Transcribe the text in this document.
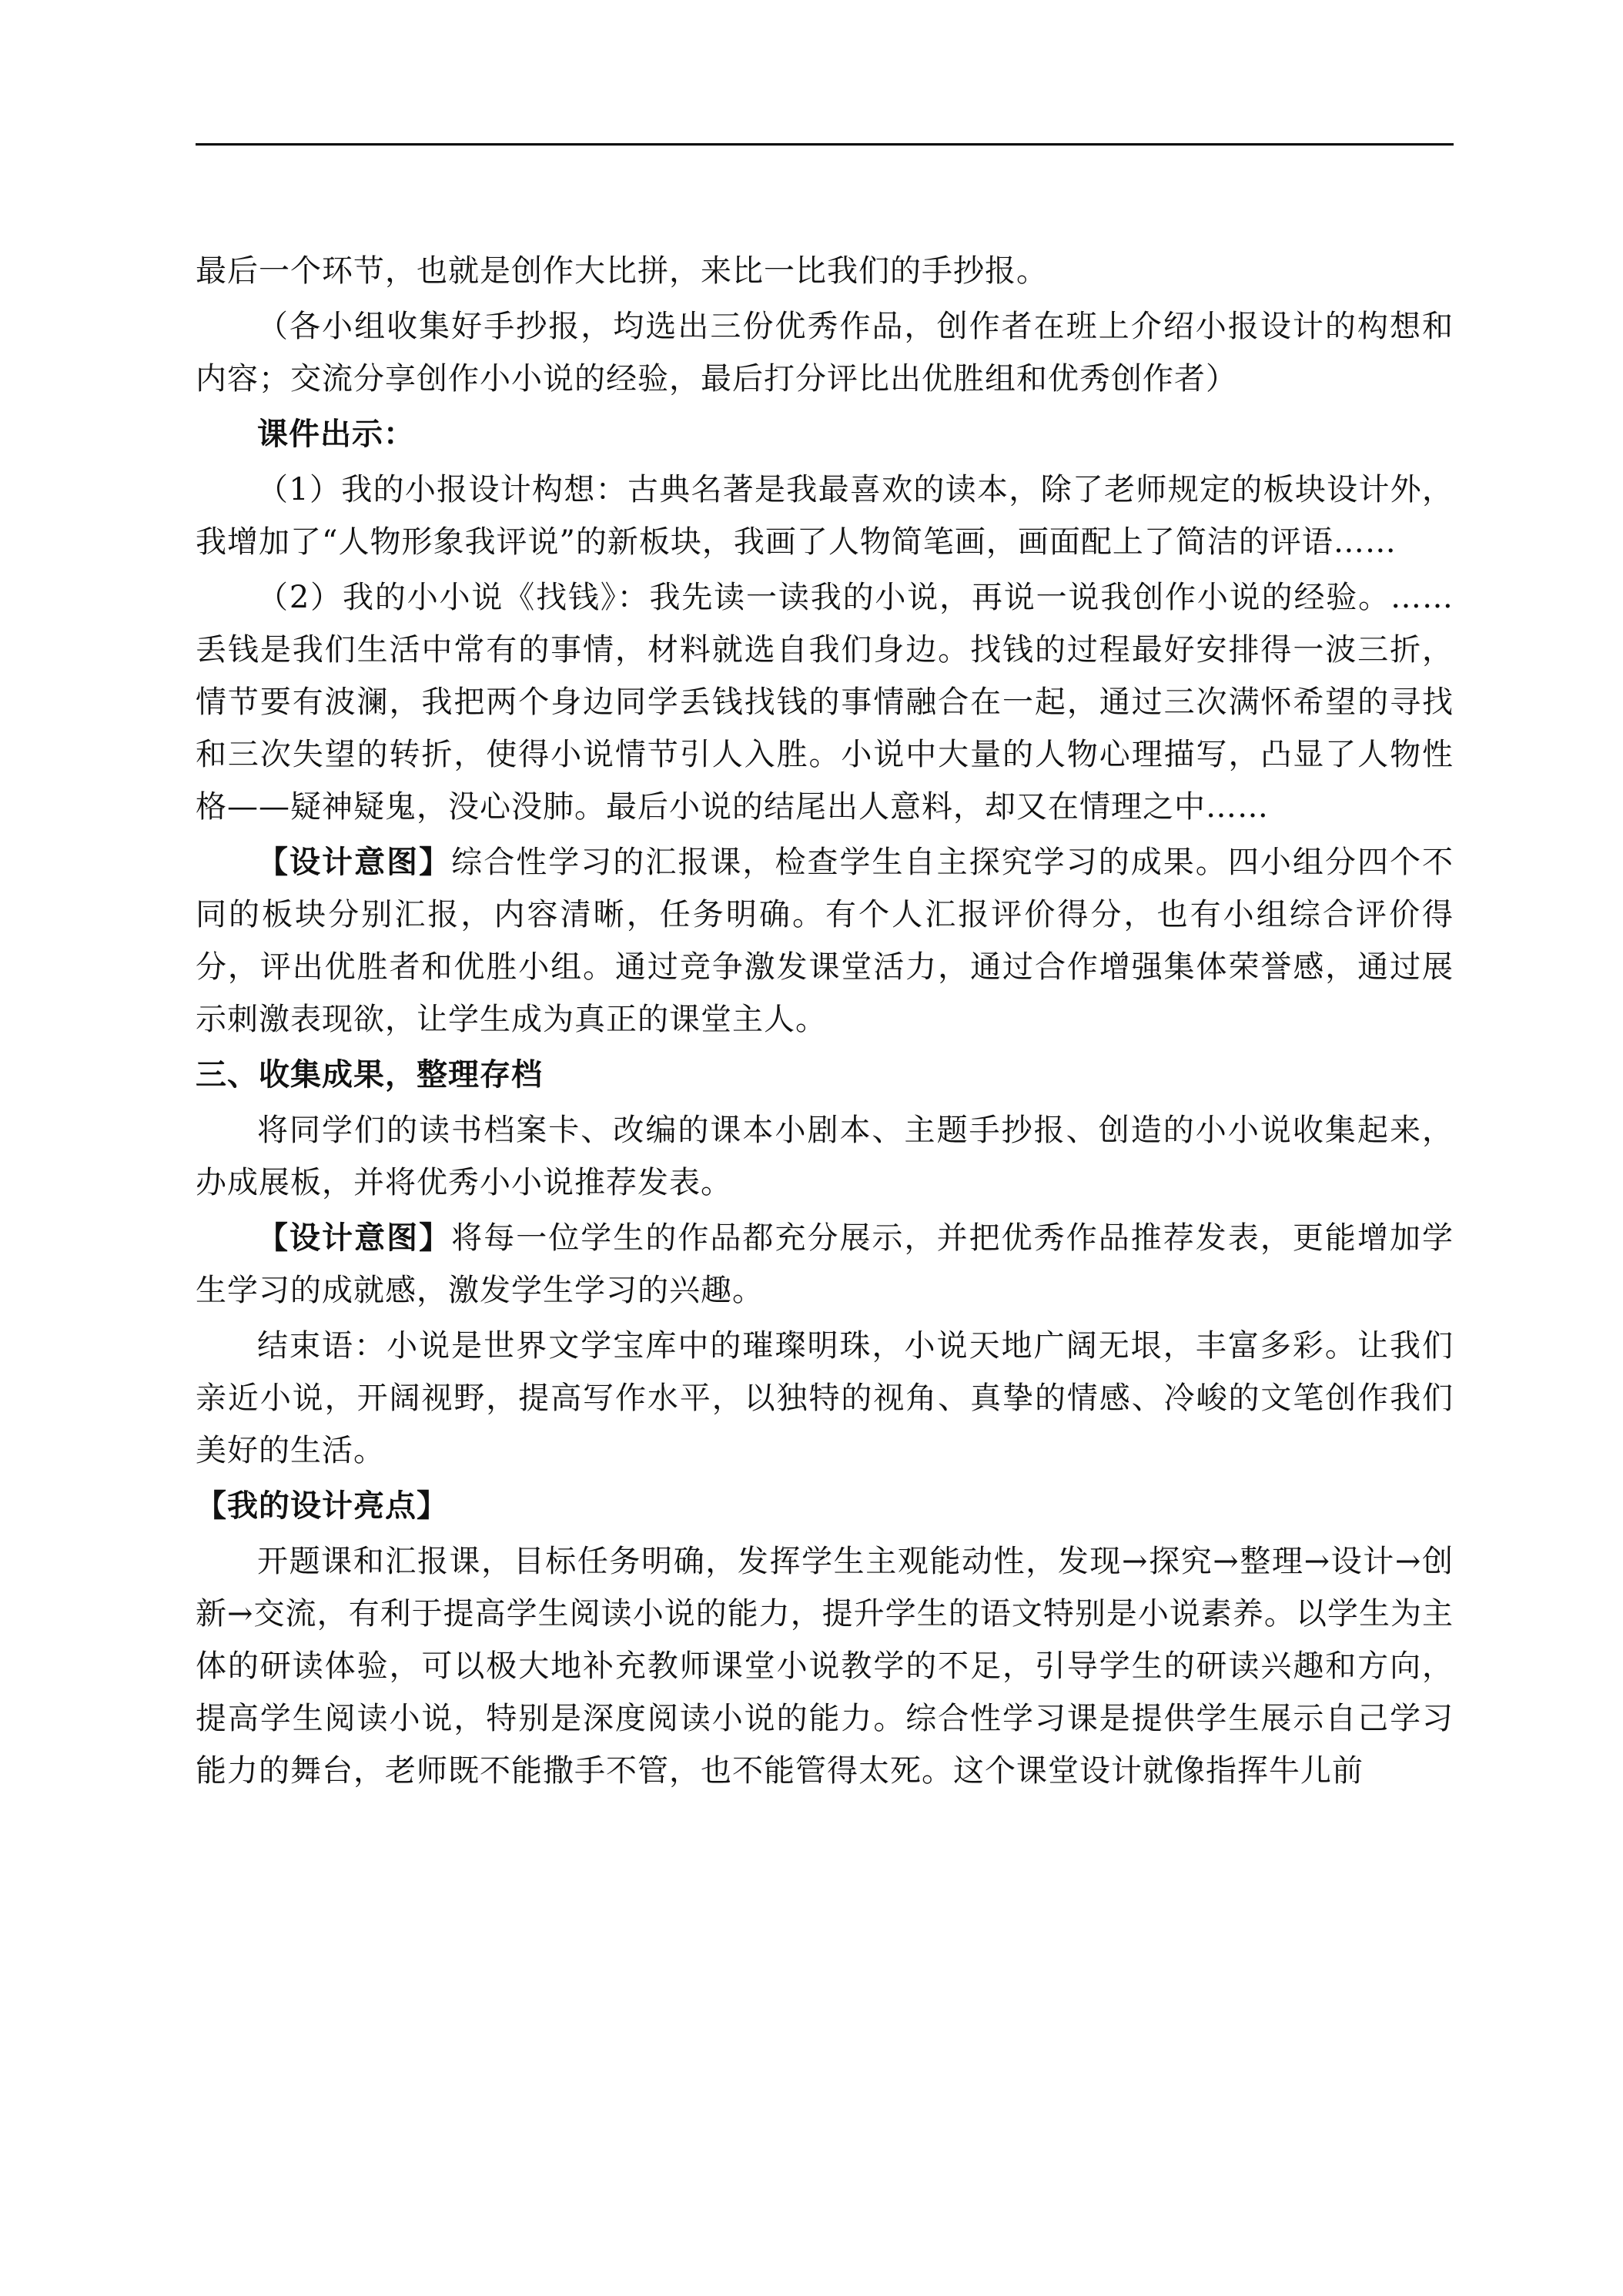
最后一个环节，也就是创作大比拼，来比一比我们的手抄报。

（各小组收集好手抄报，均选出三份优秀作品，创作者在班上介绍小报设计的构想和内容；交流分享创作小小说的经验，最后打分评比出优胜组和优秀创作者）

课件出示：

（1）我的小报设计构想：古典名著是我最喜欢的读本，除了老师规定的板块设计外，我增加了“人物形象我评说”的新板块，我画了人物简笔画，画面配上了简洁的评语……

（2）我的小小说《找钱》：我先读一读我的小说，再说一说我创作小说的经验。……丢钱是我们生活中常有的事情，材料就选自我们身边。找钱的过程最好安排得一波三折，情节要有波澜，我把两个身边同学丢钱找钱的事情融合在一起，通过三次满怀希望的寻找和三次失望的转折，使得小说情节引人入胜。小说中大量的人物心理描写，凸显了人物性格——疑神疑鬼，没心没肺。最后小说的结尾出人意料，却又在情理之中……

【设计意图】综合性学习的汇报课，检查学生自主探究学习的成果。四小组分四个不同的板块分别汇报，内容清晰，任务明确。有个人汇报评价得分，也有小组综合评价得分，评出优胜者和优胜小组。通过竞争激发课堂活力，通过合作增强集体荣誉感，通过展示刺激表现欲，让学生成为真正的课堂主人。

三、收集成果，整理存档

将同学们的读书档案卡、改编的课本小剧本、主题手抄报、创造的小小说收集起来，办成展板，并将优秀小小说推荐发表。

【设计意图】将每一位学生的作品都充分展示，并把优秀作品推荐发表，更能增加学生学习的成就感，激发学生学习的兴趣。

结束语：小说是世界文学宝库中的璀璨明珠，小说天地广阔无垠，丰富多彩。让我们亲近小说，开阔视野，提高写作水平，以独特的视角、真挚的情感、冷峻的文笔创作我们美好的生活。

【我的设计亮点】

开题课和汇报课，目标任务明确，发挥学生主观能动性，发现→探究→整理→设计→创新→交流，有利于提高学生阅读小说的能力，提升学生的语文特别是小说素养。以学生为主体的研读体验，可以极大地补充教师课堂小说教学的不足，引导学生的研读兴趣和方向，提高学生阅读小说，特别是深度阅读小说的能力。综合性学习课是提供学生展示自己学习能力的舞台，老师既不能撒手不管，也不能管得太死。这个课堂设计就像指挥牛儿前
